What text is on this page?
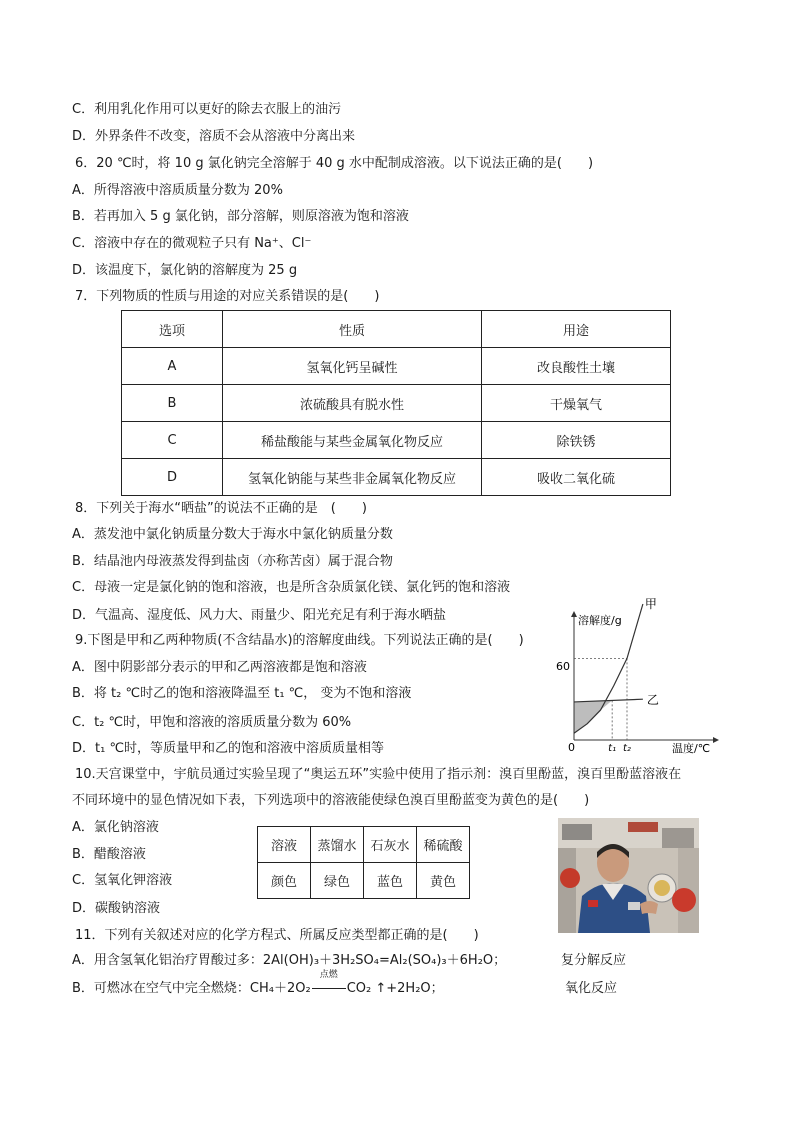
C．利用乳化作用可以更好的除去衣服上的油污
D．外界条件不改变，溶质不会从溶液中分离出来
6．20 ℃时，将 10 g 氯化钠完全溶解于 40 g 水中配制成溶液。以下说法正确的是(　　)
A．所得溶液中溶质质量分数为 20%
B．若再加入 5 g 氯化钠，部分溶解，则原溶液为饱和溶液
C．溶液中存在的微观粒子只有 Na⁺、Cl⁻
D．该温度下，氯化钠的溶解度为 25 g
7．下列物质的性质与用途的对应关系错误的是(　　)
选项	性质	用途
A	氢氧化钙呈碱性	改良酸性土壤
B	浓硫酸具有脱水性	干燥氧气
C	稀盐酸能与某些金属氧化物反应	除铁锈
D	氢氧化钠能与某些非金属氧化物反应	吸收二氧化硫
8．下列关于海水“晒盐”的说法不正确的是　(　　)
A．蒸发池中氯化钠质量分数大于海水中氯化钠质量分数
B．结晶池内母液蒸发得到盐卤（亦称苦卤）属于混合物
C．母液一定是氯化钠的饱和溶液，也是所含杂质氯化镁、氯化钙的饱和溶液
D．气温高、湿度低、风力大、雨量少、阳光充足有利于海水晒盐
9.下图是甲和乙两种物质(不含结晶水)的溶解度曲线。下列说法正确的是(　　)
A．图中阴影部分表示的甲和乙两溶液都是饱和溶液
B．将 t₂ ℃时乙的饱和溶液降温至 t₁ ℃， 变为不饱和溶液
C．t₂ ℃时，甲饱和溶液的溶质质量分数为 60%
D．t₁ ℃时，等质量甲和乙的饱和溶液中溶质质量相等
溶解度/g
温度/℃
0
60
t₁ t₂
甲
乙
10.天宫课堂中，宇航员通过实验呈现了“奥运五环”实验中使用了指示剂：溴百里酚蓝，溴百里酚蓝溶液在
不同环境中的显色情况如下表，下列选项中的溶液能使绿色溴百里酚蓝变为黄色的是(　　)
A．氯化钠溶液
B．醋酸溶液
C．氢氧化钾溶液
D．碳酸钠溶液
溶液	蒸馏水	石灰水	稀硫酸
颜色	绿色	蓝色	黄色
11．下列有关叙述对应的化学方程式、所属反应类型都正确的是(　　)
A．用含氢氧化铝治疗胃酸过多：2Al(OH)₃＋3H₂SO₄=Al₂(SO₄)₃＋6H₂O；	复分解反应
B．可燃冰在空气中完全燃烧：CH₄＋2O₂
点燃
CO₂ ↑+2H₂O；	氧化反应
